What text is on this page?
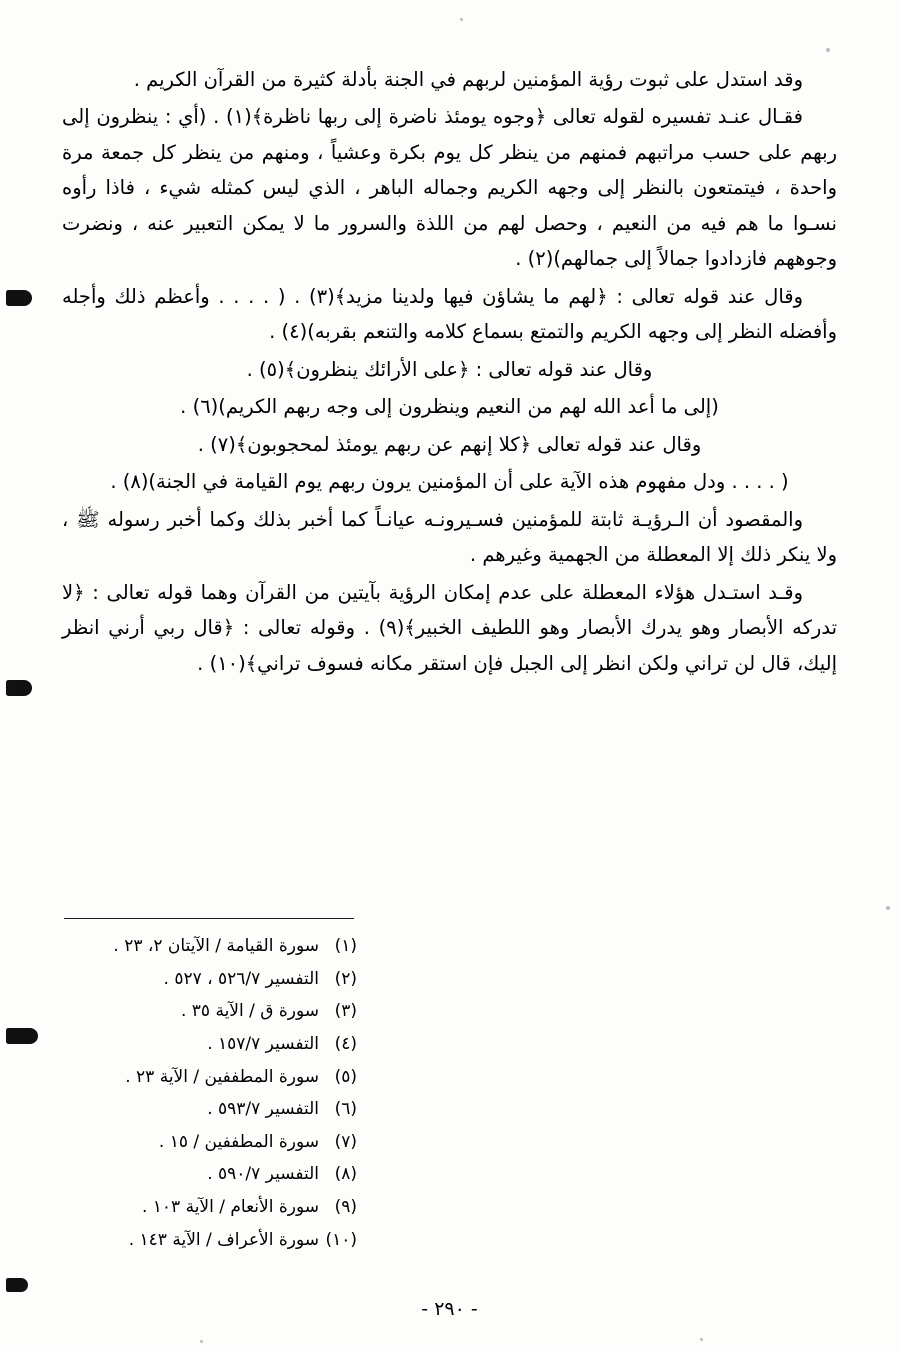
وقد استدل على ثبوت رؤية المؤمنين لربهم في الجنة بأدلة كثيرة من القرآن الكريم .

فقـال عنـد تفسيره لقوله تعالى ﴿وجوه يومئذ ناضرة إلى ربها ناظرة﴾(١) . (أي : ينظرون إلى ربهم على حسب مراتبهم فمنهم من ينظر كل يوم بكرة وعشياً ، ومنهم من ينظر كل جمعة مرة واحدة ، فيتمتعون بالنظر إلى وجهه الكريم وجماله الباهر ، الذي ليس كمثله شيء ، فاذا رأوه نسـوا ما هم فيه من النعيم ، وحصل لهم من اللذة والسرور ما لا يمكن التعبير عنه ، ونضرت وجوههم فازدادوا جمالاً إلى جمالهم)(٢) .

وقال عند قوله تعالى : ﴿لهم ما يشاؤن فيها ولدينا مزيد﴾(٣) . ( . . . . وأعظم ذلك وأجله وأفضله النظر إلى وجهه الكريم والتمتع بسماع كلامه والتنعم بقربه)(٤) .

وقال عند قوله تعالى : ﴿على الأرائك ينظرون﴾(٥) .

(إلى ما أعد الله لهم من النعيم وينظرون إلى وجه ربهم الكريم)(٦) .

وقال عند قوله تعالى ﴿كلا إنهم عن ربهم يومئذ لمحجوبون﴾(٧) .

( . . . . ودل مفهوم هذه الآية على أن المؤمنين يرون ربهم يوم القيامة في الجنة)(٨) .

والمقصود أن الـرؤيـة ثابتة للمؤمنين فسـيرونـه عيانـاً كما أخبر بذلك وكما أخبر رسوله ﷺ ، ولا ينكر ذلك إلا المعطلة من الجهمية وغيرهم .

وقـد استـدل هؤلاء المعطلة على عدم إمكان الرؤية بآيتين من القرآن وهما قوله تعالى : ﴿لا تدركه الأبصار وهو يدرك الأبصار وهو اللطيف الخبير﴾(٩) . وقوله تعالى : ﴿قال ربي أرني انظر إليك، قال لن تراني ولكن انظر إلى الجبل فإن استقر مكانه فسوف تراني﴾(١٠) .

(١)سورة القيامة / الآيتان ٢، ٢٣ .
(٢)التفسير ٥٢٦/٧ ، ٥٢٧ .
(٣)سورة ق / الآية ٣٥ .
(٤)التفسير ١٥٧/٧ .
(٥)سورة المطففين / الآية ٢٣ .
(٦)التفسير ٥٩٣/٧ .
(٧)سورة المطففين / ١٥ .
(٨)التفسير ٥٩٠/٧ .
(٩)سورة الأنعام / الآية ١٠٣ .
(١٠)سورة الأعراف / الآية ١٤٣ .
- ٢٩٠ -
